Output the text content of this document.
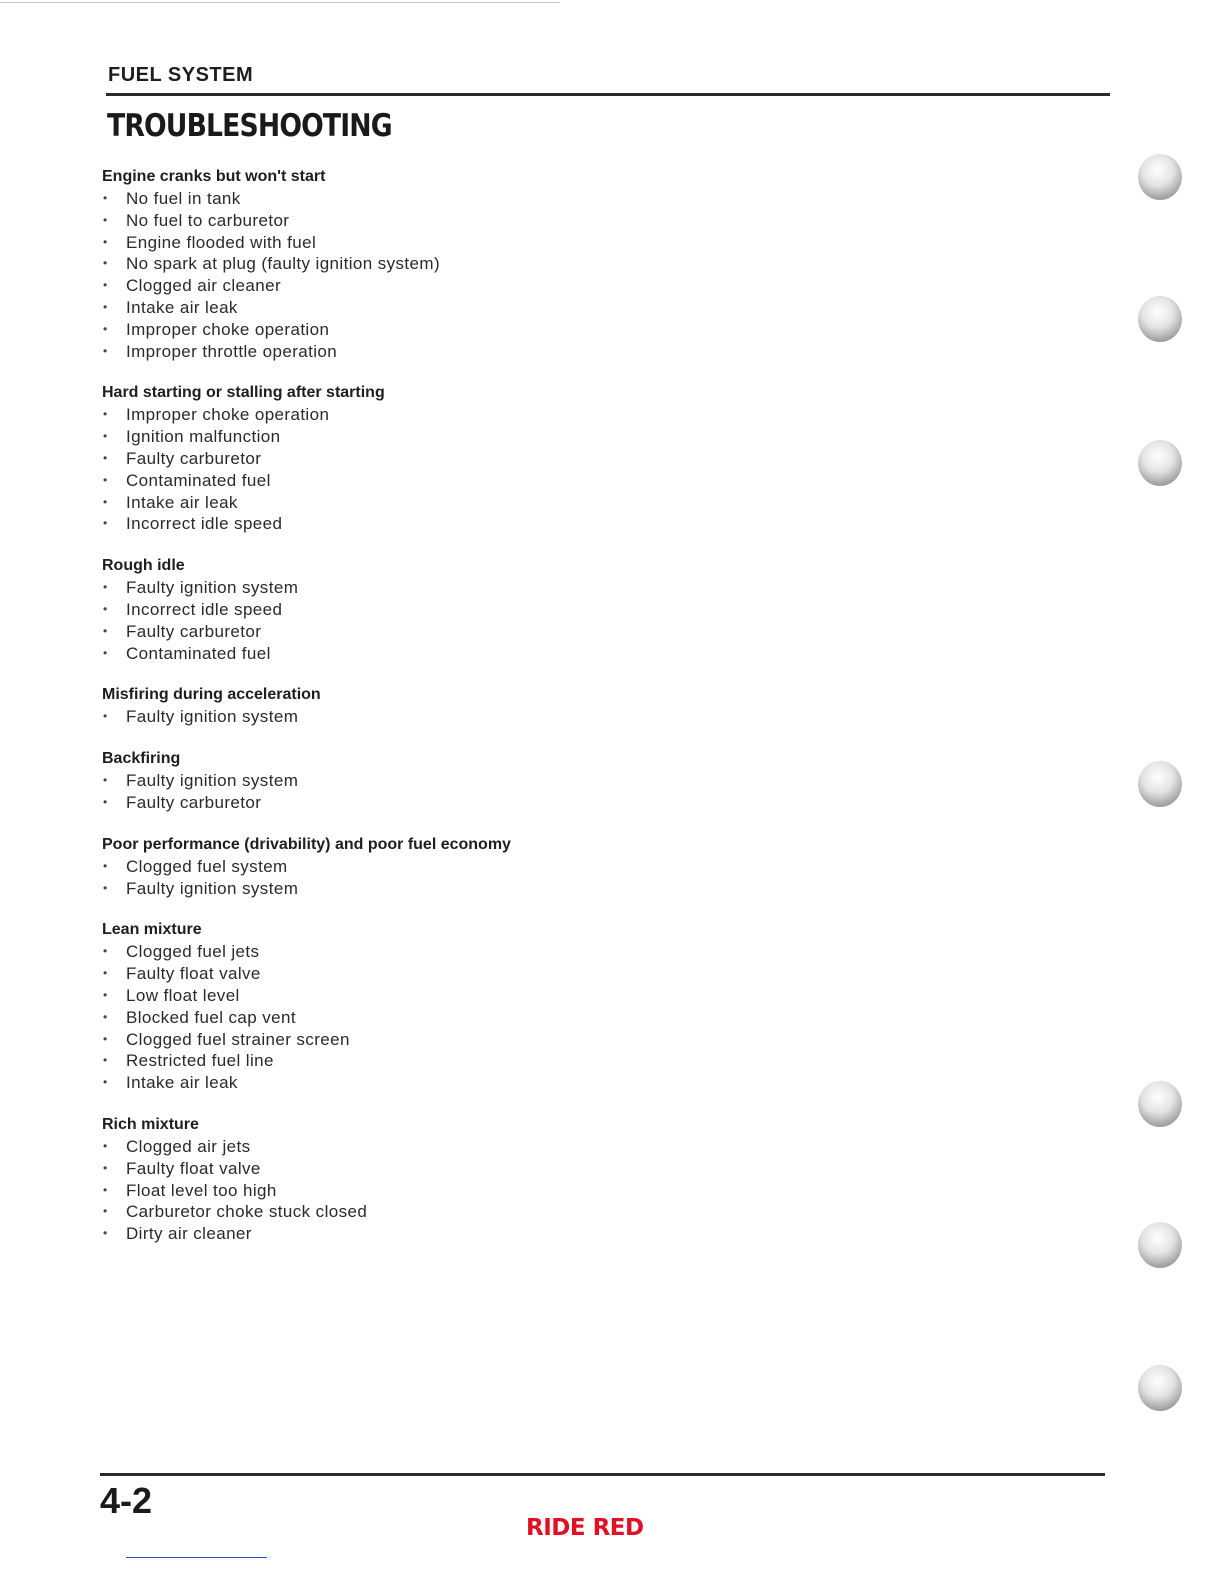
FUEL SYSTEM
TROUBLESHOOTING
Engine cranks but won't start
• No fuel in tank
• No fuel to carburetor
• Engine flooded with fuel
• No spark at plug (faulty ignition system)
• Clogged air cleaner
• Intake air leak
• Improper choke operation
• Improper throttle operation
Hard starting or stalling after starting
• Improper choke operation
• Ignition malfunction
• Faulty carburetor
• Contaminated fuel
• Intake air leak
• Incorrect idle speed
Rough idle
• Faulty ignition system
• Incorrect idle speed
• Faulty carburetor
• Contaminated fuel
Misfiring during acceleration
• Faulty ignition system
Backfiring
• Faulty ignition system
• Faulty carburetor
Poor performance (drivability) and poor fuel economy
• Clogged fuel system
• Faulty ignition system
Lean mixture
• Clogged fuel jets
• Faulty float valve
• Low float level
• Blocked fuel cap vent
• Clogged fuel strainer screen
• Restricted fuel line
• Intake air leak
Rich mixture
• Clogged air jets
• Faulty float valve
• Float level too high
• Carburetor choke stuck closed
• Dirty air cleaner
4-2
RIDE RED
